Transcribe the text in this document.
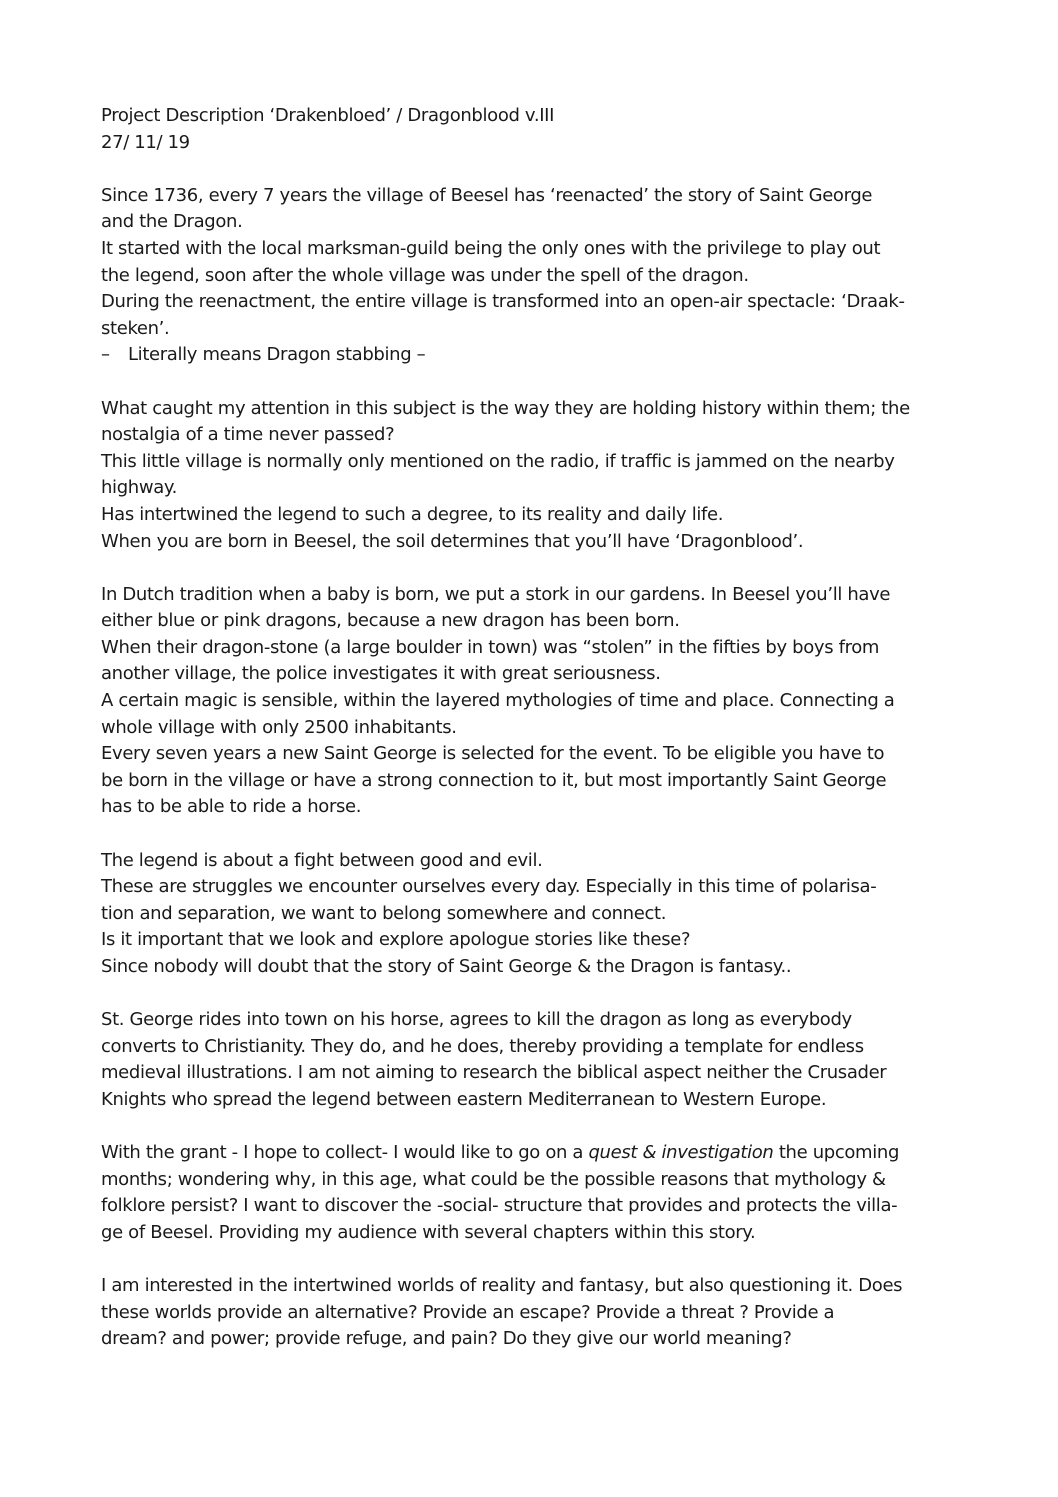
Project Description ‘Drakenbloed’ / Dragonblood v.III
27/ 11/ 19
Since 1736, every 7 years the village of Beesel has ‘reenacted’ the story of Saint George
and the Dragon.
It started with the local marksman-guild being the only ones with the privilege to play out
the legend, soon after the whole village was under the spell of the dragon.
During the reenactment, the entire village is transformed into an open-air spectacle: ‘Draak-
steken’.
– Literally means Dragon stabbing –
What caught my attention in this subject is the way they are holding history within them; the
nostalgia of a time never passed?
This little village is normally only mentioned on the radio, if traffic is jammed on the nearby
highway.
Has intertwined the legend to such a degree, to its reality and daily life.
When you are born in Beesel, the soil determines that you’ll have ‘Dragonblood’.
In Dutch tradition when a baby is born, we put a stork in our gardens. In Beesel you’ll have
either blue or pink dragons, because a new dragon has been born.
When their dragon-stone (a large boulder in town) was “stolen” in the fifties by boys from
another village, the police investigates it with great seriousness.
A certain magic is sensible, within the layered mythologies of time and place. Connecting a
whole village with only 2500 inhabitants.
Every seven years a new Saint George is selected for the event. To be eligible you have to
be born in the village or have a strong connection to it, but most importantly Saint George
has to be able to ride a horse.
The legend is about a fight between good and evil.
These are struggles we encounter ourselves every day. Especially in this time of polarisa-
tion and separation, we want to belong somewhere and connect.
Is it important that we look and explore apologue stories like these?
Since nobody will doubt that the story of Saint George & the Dragon is fantasy..
St. George rides into town on his horse, agrees to kill the dragon as long as everybody
converts to Christianity. They do, and he does, thereby providing a template for endless
medieval illustrations. I am not aiming to research the biblical aspect neither the Crusader
Knights who spread the legend between eastern Mediterranean to Western Europe.
With the grant - I hope to collect- I would like to go on a quest & investigation the upcoming
months; wondering why, in this age, what could be the possible reasons that mythology &
folklore persist? I want to discover the -social- structure that provides and protects the villa-
ge of Beesel. Providing my audience with several chapters within this story.
I am interested in the intertwined worlds of reality and fantasy, but also questioning it. Does
these worlds provide an alternative? Provide an escape? Provide a threat ? Provide a
dream? and power; provide refuge, and pain? Do they give our world meaning?
